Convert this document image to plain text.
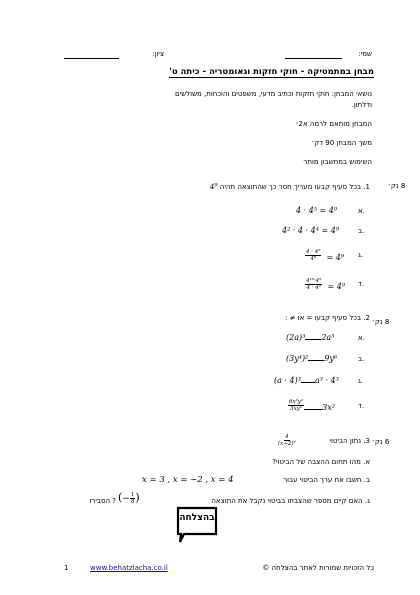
שמי:
ציון:
מבחן במתמטיקה - חוקי חזקות וגאומטריה - כיתה ט'
נושאי המבחן: חוקי חזקות וכתיב מדעי, משפטים והוכחות, משולשים ודלתון.
המבחן מותאם לרמה א2׳
משך המבחן 90 דק׳
השימוש במחשבון מותר
8 נק׳
1. בכל סעיף קבעו מעריך חסר כך שהתוצאה תהיה 4⁹
א.
4 · 4⁵ = 4⁹
ב.
4² · 4 · 4⁴ = 4⁹
ג.
$\frac{\text{4 · 4⁵}}{\text{4⁸}} = 4^9$
ד.
$\frac{\text{4¹⁰·4⁵}}{\text{4 · 4²}} = 4^9$
8 נק׳
2. בכל סעיף קבעו = או ≠ :
א.
(2a)³ 2a³
ב.
(3y⁴)² 9y⁶
ג.
(a · 4)³ a³ · 4³
ד.
$\frac{\text{6x³y²}}{\text{3xy²}} 3x^2$
6 נק׳
3. נתון הביטוי
$\frac{4}{\text{(x−2)²}}$
א. מהו תחום ההצבה של הביטוי?
ב. חשבו את ערך הביטוי עבור
x = 3 , x = −2 , x = 4
ג. האם קיים מספר שהצבתו בביטוי נקבל את התוצאה
(− $\frac{1}{8}$ )
? הסבירו
בהצלחה
1	www.behatzlacha.co.il	כל הזכויות שמורות לאתר בהצלחה ©
